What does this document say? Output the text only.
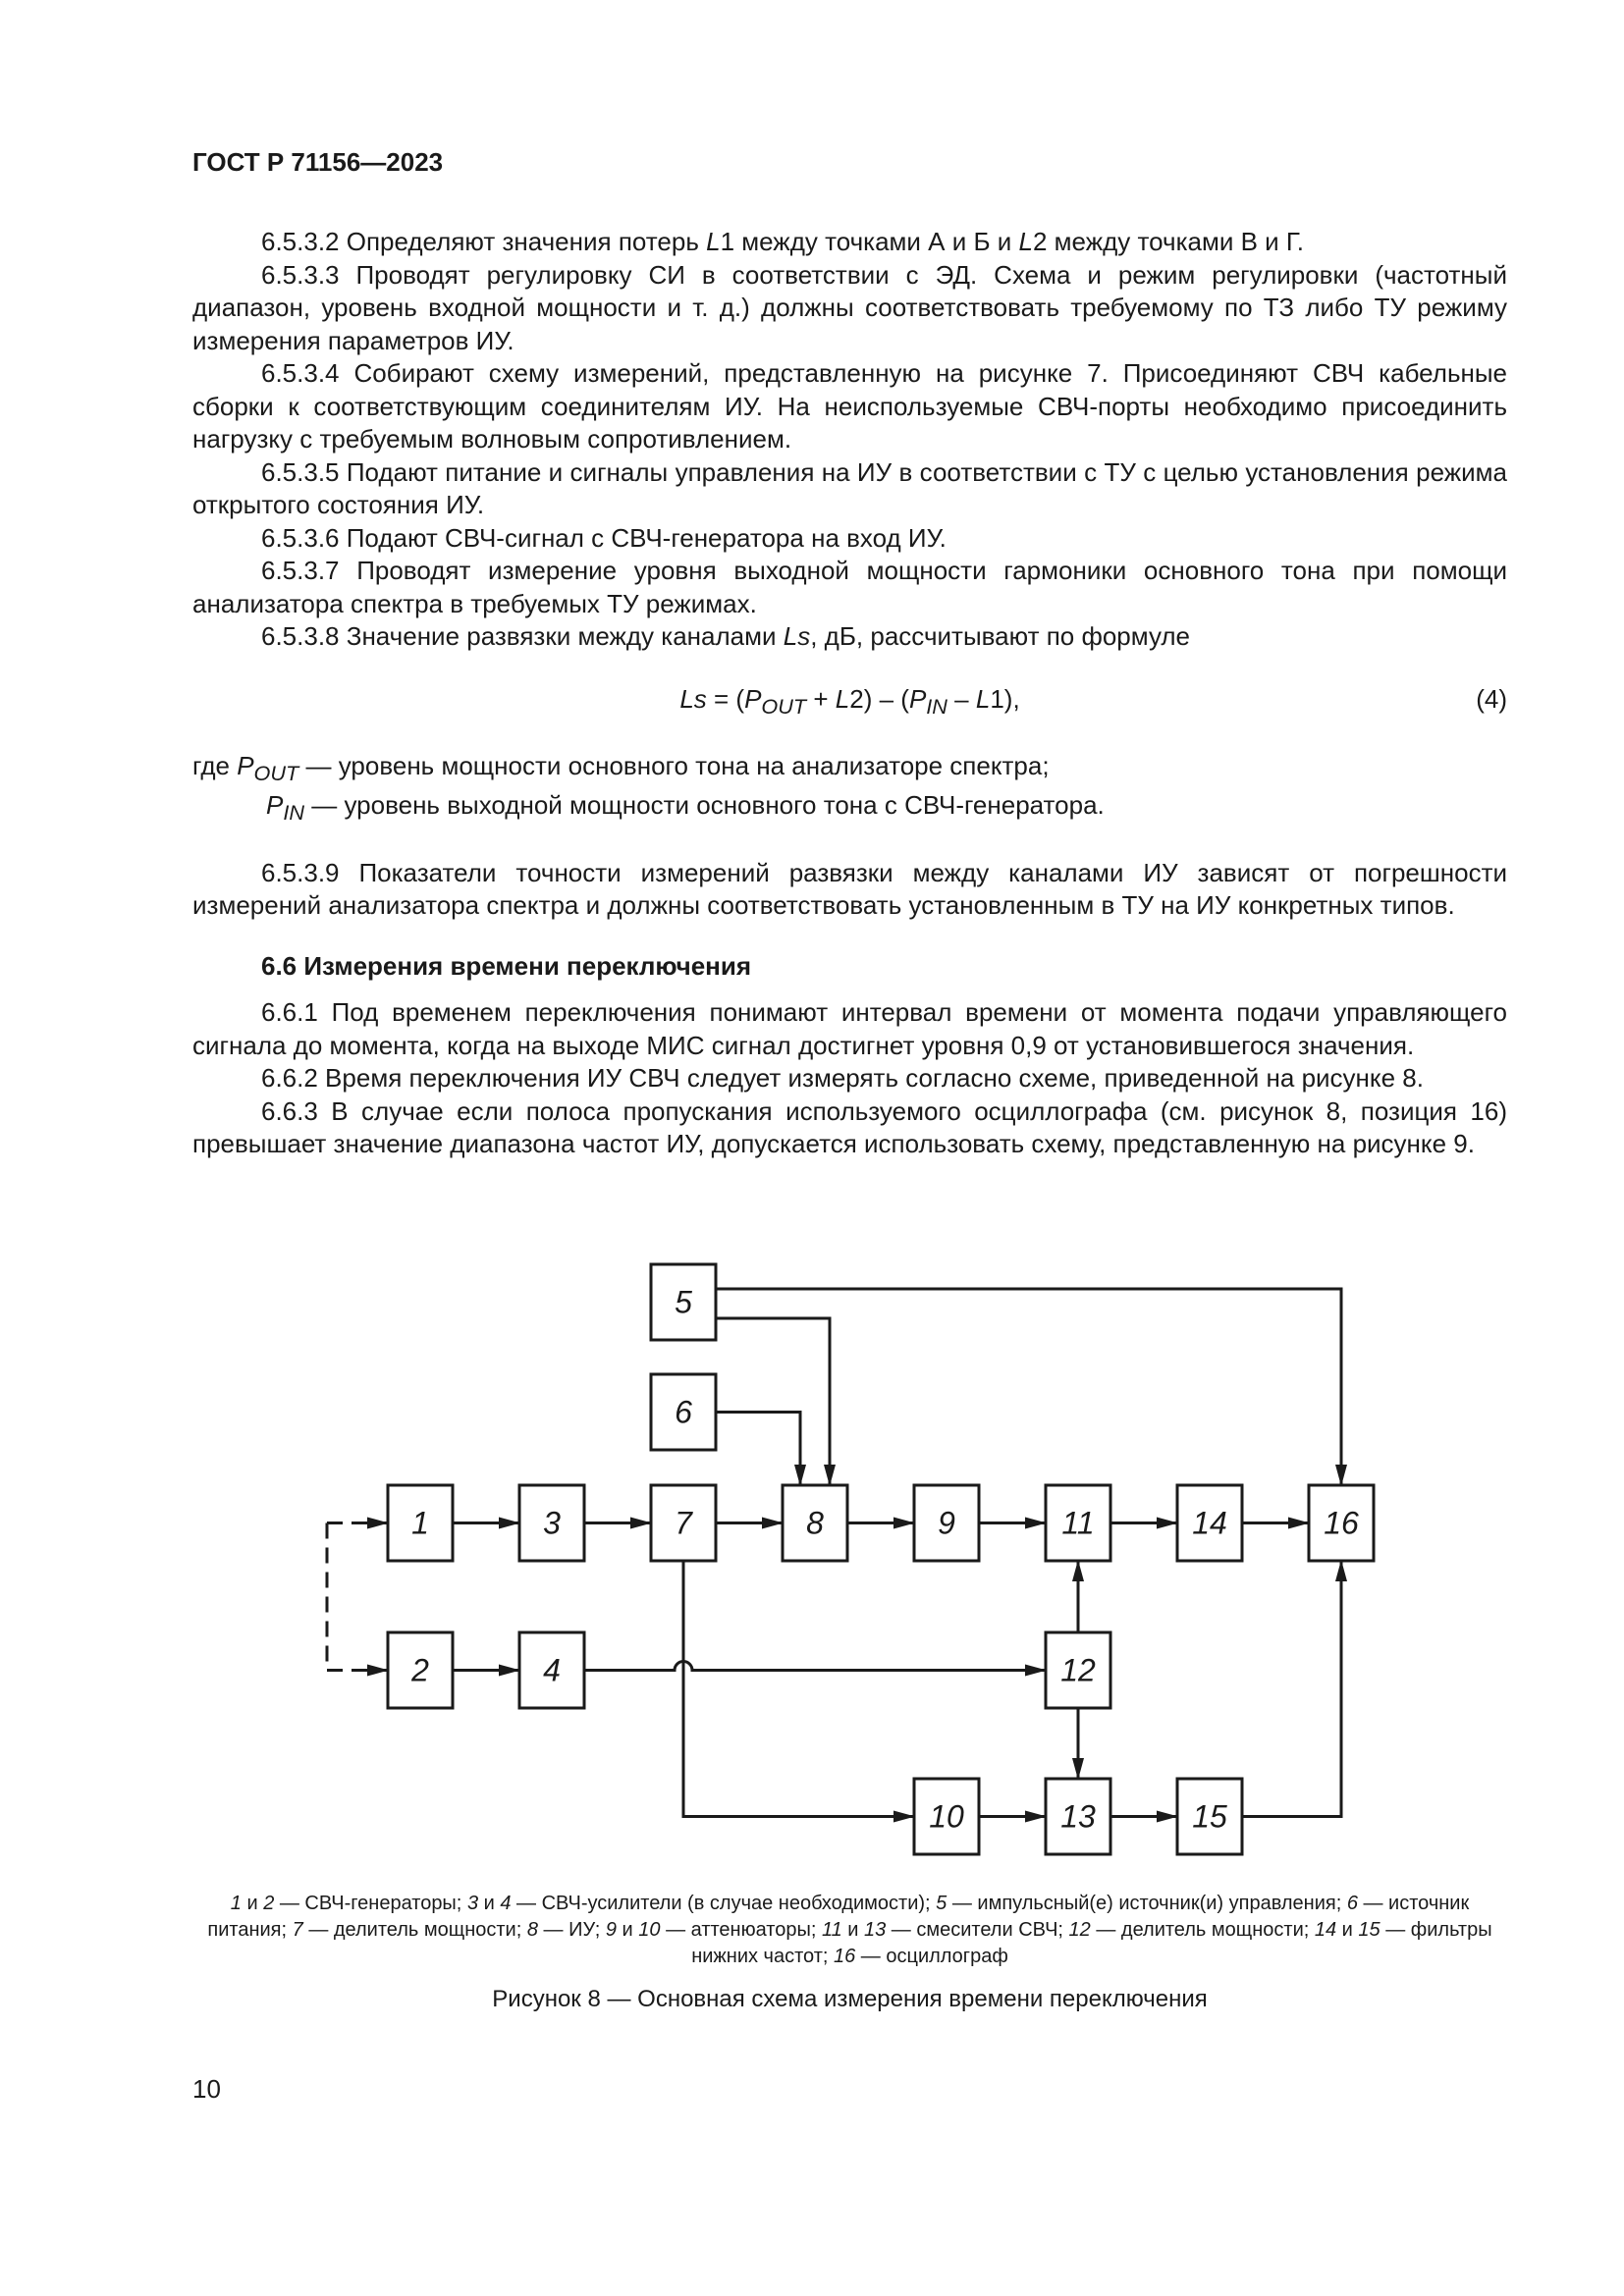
ГОСТ Р 71156—2023

6.5.3.2 Определяют значения потерь L1 между точками А и Б и L2 между точками В и Г.

6.5.3.3 Проводят регулировку СИ в соответствии с ЭД. Схема и режим регулировки (частотный диапазон, уровень входной мощности и т. д.) должны соответствовать требуемому по ТЗ либо ТУ режиму измерения параметров ИУ.

6.5.3.4 Собирают схему измерений, представленную на рисунке 7. Присоединяют СВЧ кабельные сборки к соответствующим соединителям ИУ. На неиспользуемые СВЧ-порты необходимо присоединить нагрузку с требуемым волновым сопротивлением.

6.5.3.5 Подают питание и сигналы управления на ИУ в соответствии с ТУ с целью установления режима открытого состояния ИУ.

6.5.3.6 Подают СВЧ-сигнал с СВЧ-генератора на вход ИУ.

6.5.3.7 Проводят измерение уровня выходной мощности гармоники основного тона при помощи анализатора спектра в требуемых ТУ режимах.

6.5.3.8 Значение развязки между каналами Ls, дБ, рассчитывают по формуле

$Ls = (P_{OUT} + L2) - (P_{IN} - L1)$,	(4)
где
$P_{OUT}$
— уровень мощности основного тона на анализаторе спектра;
$P_{IN}$
— уровень выходной мощности основного тона с СВЧ-генератора.

6.5.3.9 Показатели точности измерений развязки между каналами ИУ зависят от погрешности измерений анализатора спектра и должны соответствовать установленным в ТУ на ИУ конкретных типов.

6.6 Измерения времени переключения

6.6.1 Под временем переключения понимают интервал времени от момента подачи управляющего сигнала до момента, когда на выходе МИС сигнал достигнет уровня 0,9 от установившегося значения.

6.6.2 Время переключения ИУ СВЧ следует измерять согласно схеме, приведенной на рисунке 8.

6.6.3 В случае если полоса пропускания используемого осциллографа (см. рисунок 8, позиция 16) превышает значение диапазона частот ИУ, допускается использовать схему, представленную на рисунке 9.

1
2
3
4
5
6
7	8	9
10
11
12
13
14
15
16
1 и 2 — СВЧ-генераторы; 3 и 4 — СВЧ-усилители (в случае необходимости); 5 — импульсный(е) источник(и) управления; 6 — источник питания; 7 — делитель мощности; 8 — ИУ; 9 и 10 — аттенюаторы; 11 и 13 — смесители СВЧ; 12 — делитель мощности; 14 и 15 — фильтры нижних частот; 16 — осциллограф
Рисунок 8 — Основная схема измерения времени переключения
10
